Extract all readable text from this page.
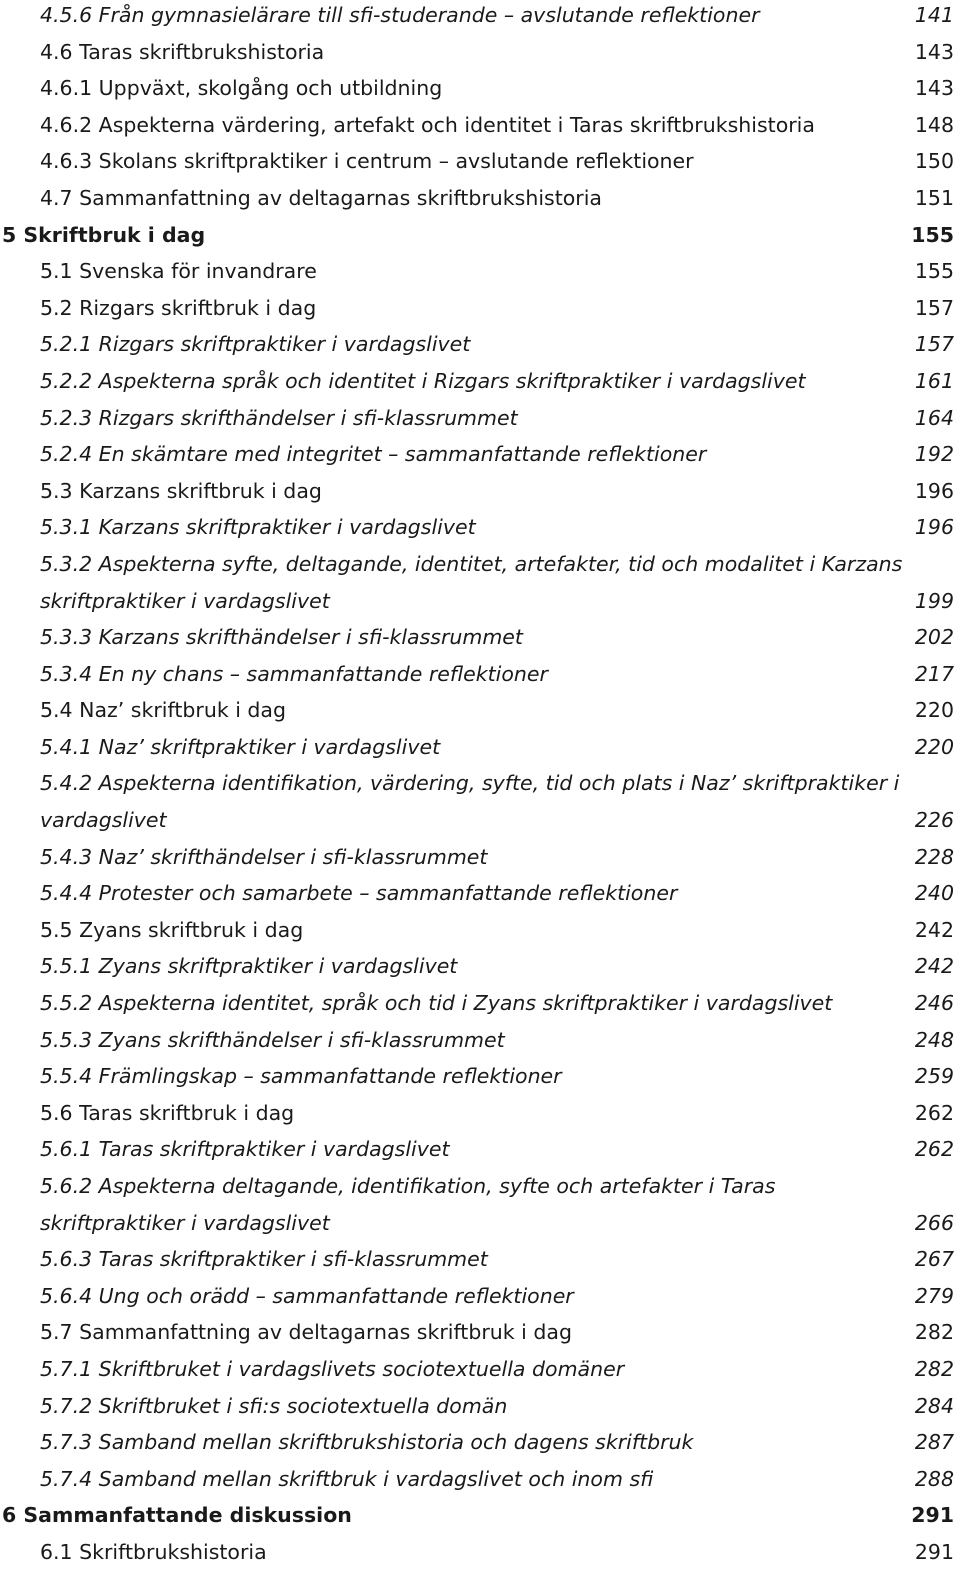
4.5.6 Från gymnasielärare till sfi-studerande – avslutande reflektioner	141
4.6 Taras skriftbrukshistoria	143
4.6.1 Uppväxt, skolgång och utbildning	143
4.6.2 Aspekterna värdering, artefakt och identitet i Taras skriftbrukshistoria	148
4.6.3 Skolans skriftpraktiker i centrum – avslutande reflektioner	150
4.7 Sammanfattning av deltagarnas skriftbrukshistoria	151
5 Skriftbruk i dag	155
5.1 Svenska för invandrare	155
5.2 Rizgars skriftbruk i dag	157
5.2.1 Rizgars skriftpraktiker i vardagslivet	157
5.2.2 Aspekterna språk och identitet i Rizgars skriftpraktiker i vardagslivet	161
5.2.3 Rizgars skrifthändelser i sfi-klassrummet	164
5.2.4 En skämtare med integritet – sammanfattande reflektioner	192
5.3 Karzans skriftbruk i dag	196
5.3.1 Karzans skriftpraktiker i vardagslivet	196
5.3.2 Aspekterna syfte, deltagande, identitet, artefakter, tid och modalitet i Karzans skriftpraktiker i vardagslivet	199
5.3.3 Karzans skrifthändelser i sfi-klassrummet	202
5.3.4 En ny chans – sammanfattande reflektioner	217
5.4 Naz’ skriftbruk i dag	220
5.4.1 Naz’ skriftpraktiker i vardagslivet	220
5.4.2 Aspekterna identifikation, värdering, syfte, tid och plats i Naz’ skriftpraktiker i vardagslivet	226
5.4.3 Naz’ skrifthändelser i sfi-klassrummet	228
5.4.4 Protester och samarbete – sammanfattande reflektioner	240
5.5 Zyans skriftbruk i dag	242
5.5.1 Zyans skriftpraktiker i vardagslivet	242
5.5.2 Aspekterna identitet, språk och tid i Zyans skriftpraktiker i vardagslivet	246
5.5.3 Zyans skrifthändelser i sfi-klassrummet	248
5.5.4 Främlingskap – sammanfattande reflektioner	259
5.6 Taras skriftbruk i dag	262
5.6.1 Taras skriftpraktiker i vardagslivet	262
5.6.2 Aspekterna deltagande, identifikation, syfte och artefakter i Taras skriftpraktiker i vardagslivet	266
5.6.3 Taras skriftpraktiker i sfi-klassrummet	267
5.6.4 Ung och orädd – sammanfattande reflektioner	279
5.7 Sammanfattning av deltagarnas skriftbruk i dag	282
5.7.1 Skriftbruket i vardagslivets sociotextuella domäner	282
5.7.2 Skriftbruket i sfi:s sociotextuella domän	284
5.7.3 Samband mellan skriftbrukshistoria och dagens skriftbruk	287
5.7.4 Samband mellan skriftbruk i vardagslivet och inom sfi	288
6 Sammanfattande diskussion	291
6.1 Skriftbrukshistoria	291
